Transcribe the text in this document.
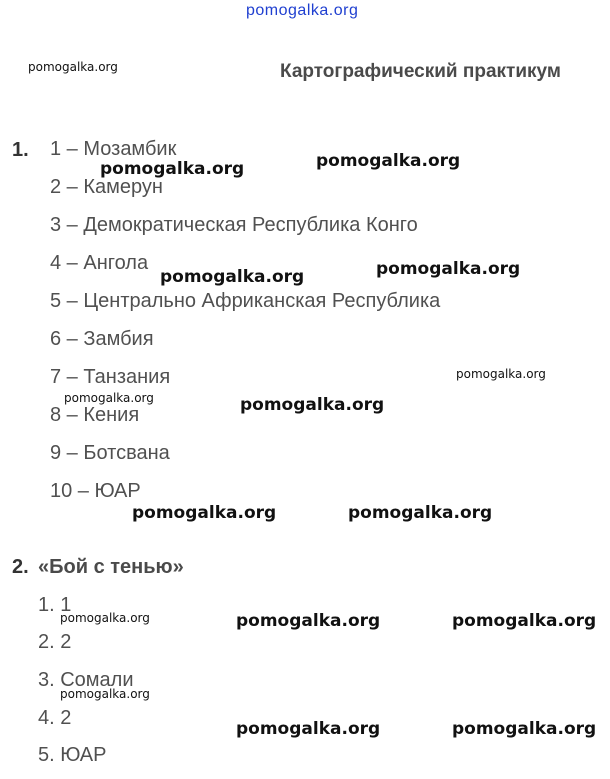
pomogalka.org
pomogalka.org	Картографический практикум
1. 1 – Мозамбик
2 – Камерун
3 – Демократическая Республика Конго
4 – Ангола
5 – Центрально Африканская Республика
6 – Замбия
7 – Танзания
8 – Кения
9 – Ботсвана
10 – ЮАР
pomogalka.org	pomogalka.org
pomogalka.org	pomogalka.org
pomogalka.org
pomogalka.org	pomogalka.org
pomogalka.org	pomogalka.org
2. «Бой с тенью»
1. 1
2. 2
3. Сомали
4. 2
5. ЮАР
pomogalka.org	pomogalka.org	pomogalka.org
pomogalka.org
pomogalka.org	pomogalka.org
